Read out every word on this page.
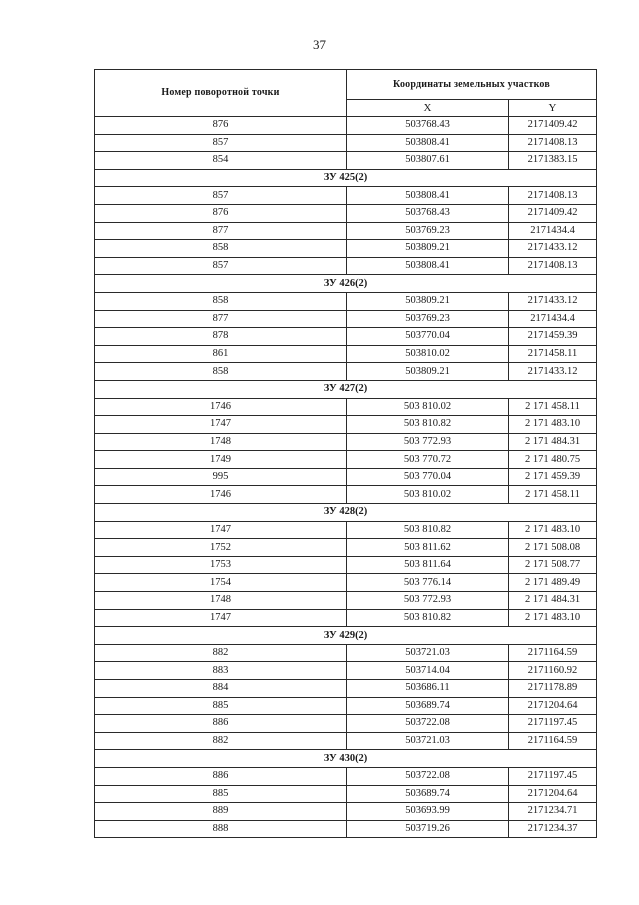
37
Номер поворотной точки	Координаты земельных участков	
	X	Y
876	503768.43	2171409.42
857	503808.41	2171408.13
854	503807.61	2171383.15
ЗУ 425(2)		
857	503808.41	2171408.13
876	503768.43	2171409.42
877	503769.23	2171434.4
858	503809.21	2171433.12
857	503808.41	2171408.13
ЗУ 426(2)		
858	503809.21	2171433.12
877	503769.23	2171434.4
878	503770.04	2171459.39
861	503810.02	2171458.11
858	503809.21	2171433.12
ЗУ 427(2)		
1746	503 810.02	2 171 458.11
1747	503 810.82	2 171 483.10
1748	503 772.93	2 171 484.31
1749	503 770.72	2 171 480.75
995	503 770.04	2 171 459.39
1746	503 810.02	2 171 458.11
ЗУ 428(2)		
1747	503 810.82	2 171 483.10
1752	503 811.62	2 171 508.08
1753	503 811.64	2 171 508.77
1754	503 776.14	2 171 489.49
1748	503 772.93	2 171 484.31
1747	503 810.82	2 171 483.10
ЗУ 429(2)		
882	503721.03	2171164.59
883	503714.04	2171160.92
884	503686.11	2171178.89
885	503689.74	2171204.64
886	503722.08	2171197.45
882	503721.03	2171164.59
ЗУ 430(2)		
886	503722.08	2171197.45
885	503689.74	2171204.64
889	503693.99	2171234.71
888	503719.26	2171234.37
